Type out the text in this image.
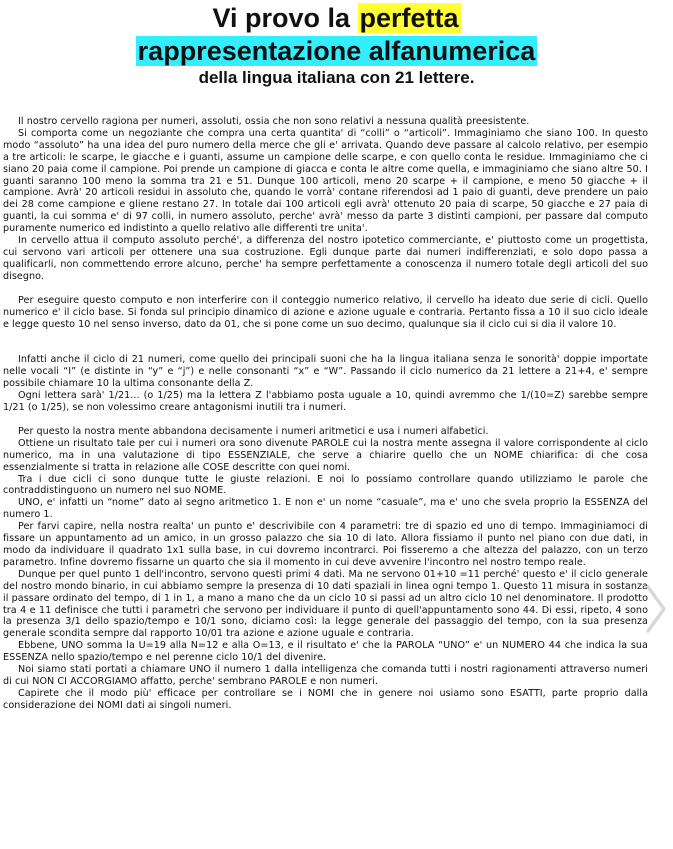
Vi provo la perfetta
rappresentazione alfanumerica
della lingua italiana con 21 lettere.

Il nostro cervello ragiona per numeri, assoluti, ossia che non sono relativi a nessuna qualità preesistente.

Si comporta come un negoziante che compra una certa quantita' di “colli” o “articoli”. Immaginiamo che siano 100. In questo modo “assoluto” ha una idea del puro numero della merce che gli e' arrivata. Quando deve passare al calcolo relativo, per esempio a tre articoli: le scarpe, le giacche e i guanti, assume un campione delle scarpe, e con quello conta le residue. Immaginiamo che ci siano 20 paia come il campione. Poi prende un campione di giacca e conta le altre come quella, e immaginiamo che siano altre 50. I guanti saranno 100 meno la somma tra 21 e 51. Dunque 100 articoli, meno 20 scarpe + il campione, e meno 50 giacche + il campione. Avrà' 20 articoli residui in assoluto che, quando le vorrà' contane riferendosi ad 1 paio di guanti, deve prendere un paio dei 28 come campione e gliene restano 27. In totale dai 100 articoli egli avrà' ottenuto 20 paia di scarpe, 50 giacche e 27 paia di guanti, la cui somma e' di 97 colli, in numero assoluto, perche' avrà' messo da parte 3 distinti campioni, per passare dal computo puramente numerico ed indistinto a quello relativo alle differenti tre unita'.

In cervello attua il computo assoluto perché', a differenza del nostro ipotetico commerciante, e' piuttosto come un progettista, cui servono vari articoli per ottenere una sua costruzione. Egli dunque parte dai numeri indifferenziati, e solo dopo passa a qualificarli, non commettendo errore alcuno, perche' ha sempre perfettamente a conoscenza il numero totale degli articoli del suo disegno.

Per eseguire questo computo e non interferire con il conteggio numerico relativo, il cervello ha ideato due serie di cicli. Quello numerico e' il ciclo base. Si fonda sul principio dinamico di azione e azione uguale e contraria. Pertanto fissa a 10 il suo ciclo ideale e legge questo 10 nel senso inverso, dato da 01, che si pone come un suo decimo, qualunque sia il ciclo cui si dia il valore 10.

Infatti anche il ciclo di 21 numeri, come quello dei principali suoni che ha la lingua italiana senza le sonorità' doppie importate nelle vocali “I” (e distinte in “y” e “j”) e nelle consonanti “x” e “W”. Passando il ciclo numerico da 21 lettere a 21+4, e' sempre possibile chiamare 10 la ultima consonante della Z.

Ogni lettera sarà' 1/21... (o 1/25) ma la lettera Z l'abbiamo posta uguale a 10, quindi avremmo che 1/(10=Z) sarebbe sempre 1/21 (o 1/25), se non volessimo creare antagonismi inutili tra i numeri.

Per questo la nostra mente abbandona decisamente i numeri aritmetici e usa i numeri alfabetici.

Ottiene un risultato tale per cui i numeri ora sono divenute PAROLE cui la nostra mente assegna il valore corrispondente al ciclo numerico, ma in una valutazione di tipo ESSENZIALE, che serve a chiarire quello che un NOME chiarifica: di che cosa essenzialmente si tratta in relazione alle COSE descritte con quei nomi.

Tra i due cicli ci sono dunque tutte le giuste relazioni. E noi lo possiamo controllare quando utilizziamo le parole che contraddistinguono un numero nel suo NOME.

UNO, e' infatti un “nome” dato al segno aritmetico 1. E non e' un nome “casuale”, ma e' uno che svela proprio la ESSENZA del numero 1.

Per farvi capire, nella nostra realta' un punto e' descrivibile con 4 parametri: tre di spazio ed uno di tempo. Immaginiamoci di fissare un appuntamento ad un amico, in un grosso palazzo che sia 10 di lato. Allora fissiamo il punto nel piano con due dati, in modo da individuare il quadrato 1x1 sulla base, in cui dovremo incontrarci. Poi fisseremo a che altezza del palazzo, con un terzo parametro. Infine dovremo fissarne un quarto che sia il momento in cui deve avvenire l'incontro nel nostro tempo reale.

Dunque per quel punto 1 dell'incontro, servono questi primi 4 dati. Ma ne servono 01+10 =11 perché' questo e' il ciclo generale del nostro mondo binario, in cui abbiamo sempre la presenza di 10 dati spaziali in linea ogni tempo 1. Questo 11 misura in sostanza il passare ordinato del tempo, di 1 in 1, a mano a mano che da un ciclo 10 si passi ad un altro ciclo 10 nel denominatore. Il prodotto tra 4 e 11 definisce che tutti i parametri che servono per individuare il punto di quell'appuntamento sono 44. Di essi, ripeto, 4 sono la presenza 3/1 dello spazio/tempo e 10/1 sono, diciamo così: la legge generale del passaggio del tempo, con la sua presenza generale scondita sempre dal rapporto 10/01 tra azione e azione uguale e contraria.

Ebbene, UNO somma la U=19 alla N=12 e alla O=13, e il risultato e' che la PAROLA “UNO” e' un NUMERO 44 che indica la sua ESSENZA nello spazio/tempo e nel perenne ciclo 10/1 del divenire.

Noi siamo stati portati a chiamare UNO il numero 1 dalla intelligenza che comanda tutti i nostri ragionamenti attraverso numeri di cui NON CI ACCORGIAMO affatto, perche' sembrano PAROLE e non numeri.

Capirete che il modo più' efficace per controllare se i NOMI che in genere noi usiamo sono ESATTI, parte proprio dalla considerazione dei NOMI dati ai singoli numeri.
